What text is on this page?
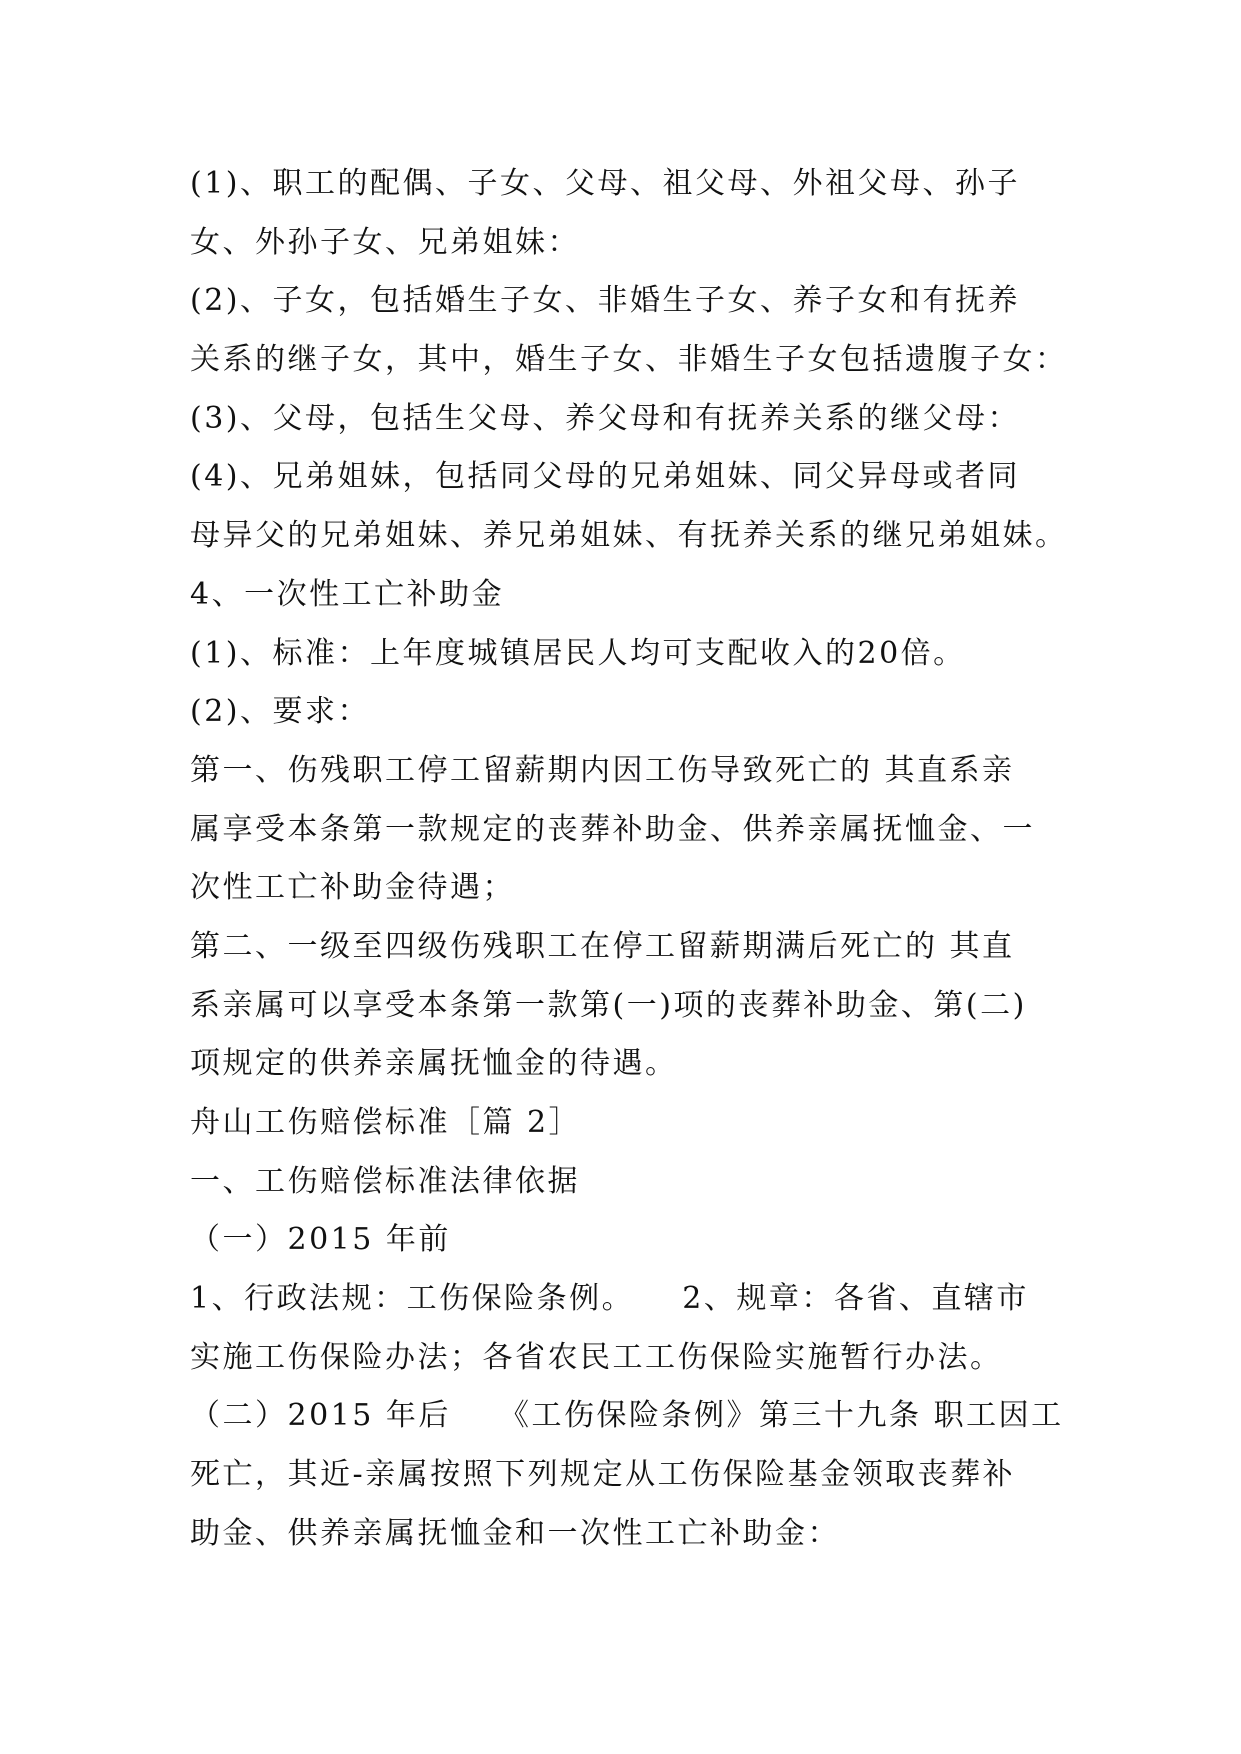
(1)、职工的配偶、子女、父母、祖父母、外祖父母、孙子
女、外孙子女、兄弟姐妹：
(2)、子女，包括婚生子女、非婚生子女、养子女和有抚养
关系的继子女，其中，婚生子女、非婚生子女包括遗腹子女：
(3)、父母，包括生父母、养父母和有抚养关系的继父母：
(4)、兄弟姐妹，包括同父母的兄弟姐妹、同父异母或者同
母异父的兄弟姐妹、养兄弟姐妹、有抚养关系的继兄弟姐妹。
4、一次性工亡补助金
(1)、标准：上年度城镇居民人均可支配收入的20倍。
(2)、要求：
第一、伤残职工停工留薪期内因工伤导致死亡的 其直系亲
属享受本条第一款规定的丧葬补助金、供养亲属抚恤金、一
次性工亡补助金待遇；
第二、一级至四级伤残职工在停工留薪期满后死亡的 其直
系亲属可以享受本条第一款第(一)项的丧葬补助金、第(二)
项规定的供养亲属抚恤金的待遇。
舟山工伤赔偿标准［篇 2］
一、工伤赔偿标准法律依据
（一）2015 年前
1、行政法规：工伤保险条例。    2、规章：各省、直辖市
实施工伤保险办法；各省农民工工伤保险实施暂行办法。
（二）2015 年后    《工伤保险条例》第三十九条 职工因工
死亡，其近-亲属按照下列规定从工伤保险基金领取丧葬补
助金、供养亲属抚恤金和一次性工亡补助金：
